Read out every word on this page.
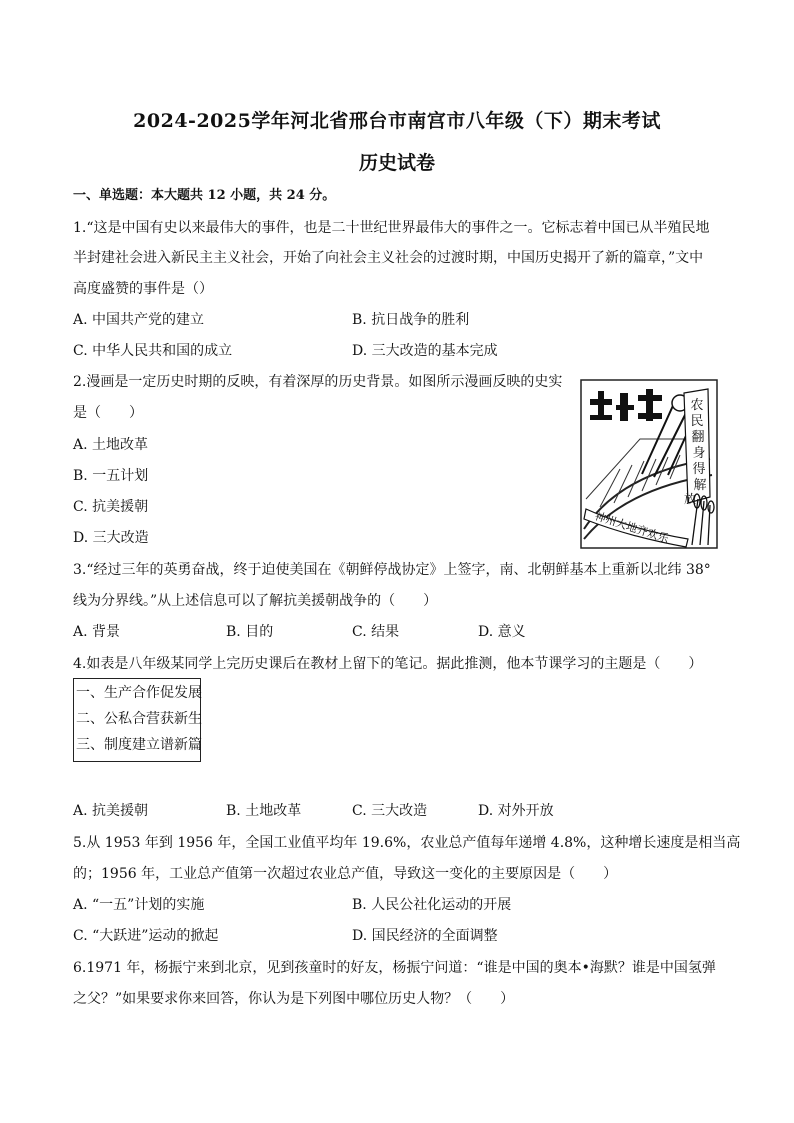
2024-2025学年河北省邢台市南宫市八年级（下）期末考试
历史试卷
一、单选题：本大题共 12 小题，共 24 分。
1.“这是中国有史以来最伟大的事件，也是二十世纪世界最伟大的事件之一。它标志着中国已从半殖民地
半封建社会进入新民主主义社会，开始了向社会主义社会的过渡时期，中国历史揭开了新的篇章，”文中
高度盛赞的事件是（）
A. 中国共产党的建立	B. 抗日战争的胜利
C. 中华人民共和国的成立	D. 三大改造的基本完成
2.漫画是一定历史时期的反映，有着深厚的历史背景。如图所示漫画反映的史实
是（　　）
A. 土地改革
B. 一五计划
C. 抗美援朝
D. 三大改造
农
民
翻
身
得
解
放
神州大地齐欢乐
3.“经过三年的英勇奋战，终于迫使美国在《朝鲜停战协定》上签字，南、北朝鲜基本上重新以北纬 38°
线为分界线。”从上述信息可以了解抗美援朝战争的（　　）
A. 背景	B. 目的	C. 结果	D. 意义
4.如表是八年级某同学上完历史课后在教材上留下的笔记。据此推测，他本节课学习的主题是（　　）
一、生产合作促发展
二、公私合营获新生
三、制度建立谱新篇
A. 抗美援朝	B. 土地改革	C. 三大改造	D. 对外开放
5.从 1953 年到 1956 年，全国工业值平均年 19.6%，农业总产值每年递增 4.8%，这种增长速度是相当高
的；1956 年，工业总产值第一次超过农业总产值，导致这一变化的主要原因是（　　）
A. “一五”计划的实施	B. 人民公社化运动的开展
C. “大跃进”运动的掀起	D. 国民经济的全面调整
6.1971 年，杨振宁来到北京，见到孩童时的好友，杨振宁问道：“谁是中国的奥本•海默？谁是中国氢弹
之父？”如果要求你来回答，你认为是下列图中哪位历史人物？（　　）
